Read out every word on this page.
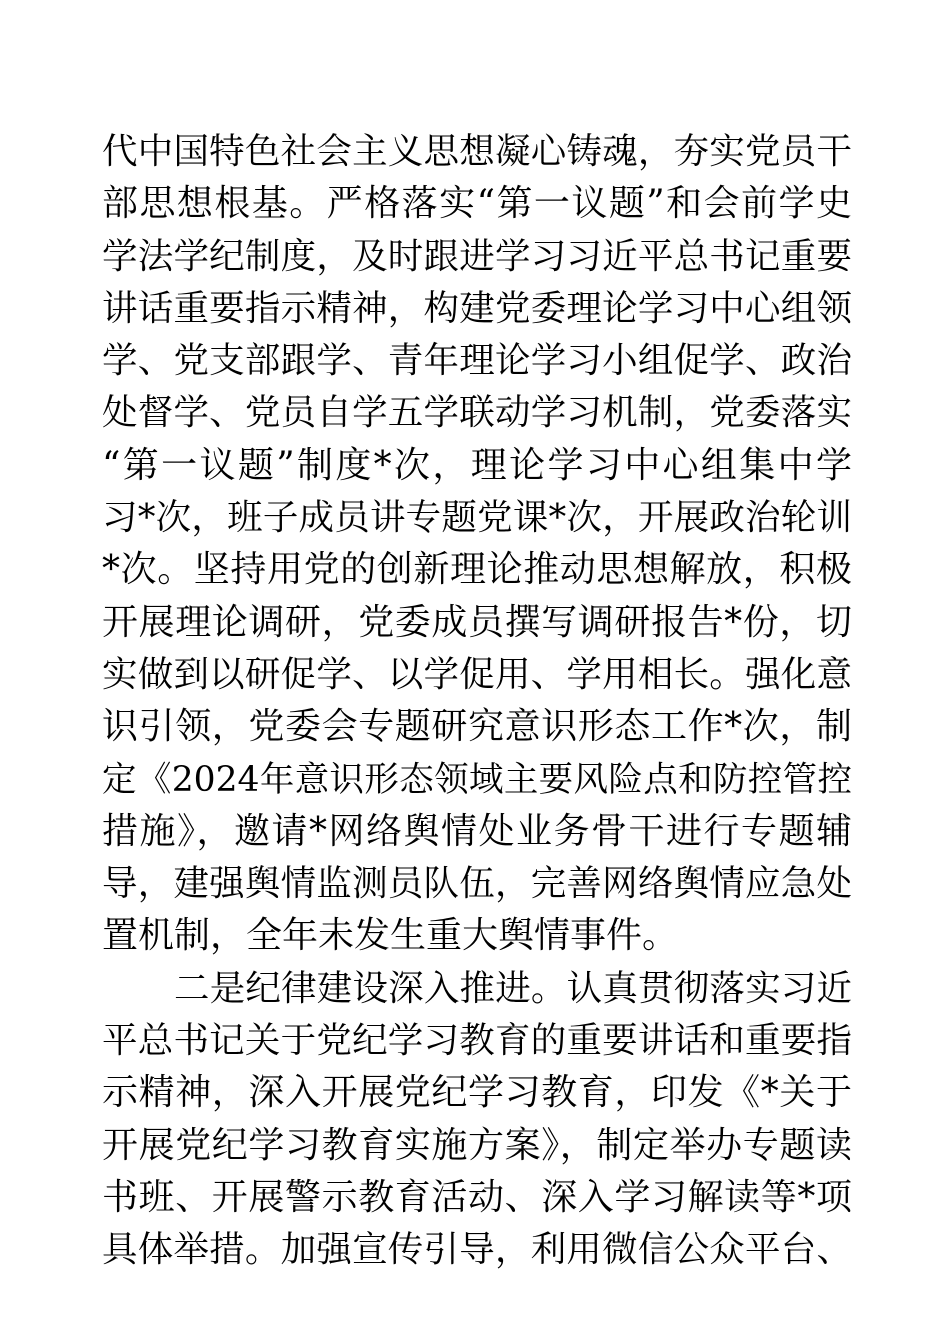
代中国特色社会主义思想凝心铸魂，夯实党员干
部思想根基。严格落实“第一议题”和会前学史
学法学纪制度，及时跟进学习习近平总书记重要
讲话重要指示精神，构建党委理论学习中心组领
学、党支部跟学、青年理论学习小组促学、政治
处督学、党员自学五学联动学习机制，党委落实
“第一议题”制度*次，理论学习中心组集中学
习*次，班子成员讲专题党课*次，开展政治轮训
*次。坚持用党的创新理论推动思想解放，积极
开展理论调研，党委成员撰写调研报告*份，切
实做到以研促学、以学促用、学用相长。强化意
识引领，党委会专题研究意识形态工作*次，制
定《2024年意识形态领域主要风险点和防控管控
措施》，邀请*网络舆情处业务骨干进行专题辅
导，建强舆情监测员队伍，完善网络舆情应急处
置机制，全年未发生重大舆情事件。
二是纪律建设深入推进。认真贯彻落实习近
平总书记关于党纪学习教育的重要讲话和重要指
示精神，深入开展党纪学习教育，印发《*关于
开展党纪学习教育实施方案》，制定举办专题读
书班、开展警示教育活动、深入学习解读等*项
具体举措。加强宣传引导，利用微信公众平台、
